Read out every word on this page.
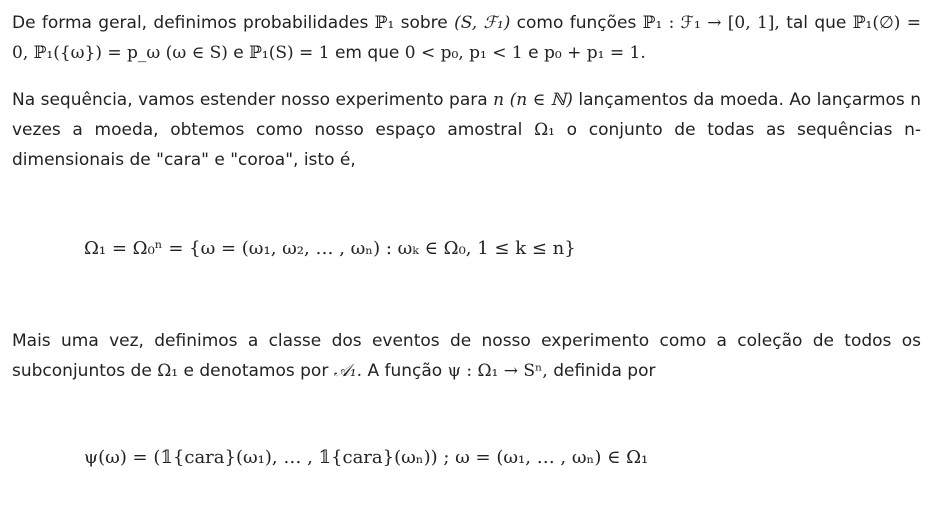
De forma geral, definimos probabilidades ℙ₁ sobre (S, ℱ₁) como funções ℙ₁ : ℱ₁ → [0, 1], tal que ℙ₁(∅) = 0, ℙ₁({ω}) = p_ω (ω ∈ S) e ℙ₁(S) = 1 em que 0 < p₀, p₁ < 1 e p₀ + p₁ = 1.

Na sequência, vamos estender nosso experimento para n (n ∈ ℕ) lançamentos da moeda. Ao lançarmos n vezes a moeda, obtemos como nosso espaço amostral Ω₁ o conjunto de todas as sequências n-dimensionais de "cara" e "coroa", isto é,

Ω₁ = Ω₀ⁿ = {ω = (ω₁, ω₂, … , ωₙ) : ωₖ ∈ Ω₀, 1 ≤ k ≤ n}

Mais uma vez, definimos a classe dos eventos de nosso experimento como a coleção de todos os subconjuntos de Ω₁ e denotamos por 𝒜₁. A função ψ : Ω₁ → Sⁿ, definida por

ψ(ω) = (𝟙{cara}(ω₁), … , 𝟙{cara}(ωₙ)) ; ω = (ω₁, … , ωₙ) ∈ Ω₁
